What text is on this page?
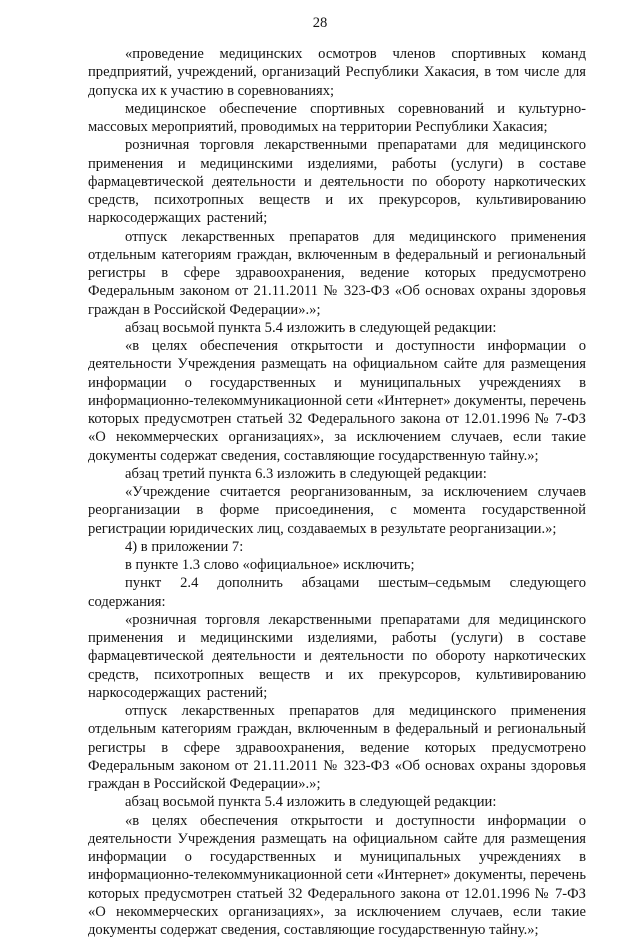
28

«проведение медицинских осмотров членов спортивных команд предприятий, учреждений, организаций Республики Хакасия, в том числе для допуска их к участию в соревнованиях;

медицинское обеспечение спортивных соревнований и культурно-массовых мероприятий, проводимых на территории Республики Хакасия;

розничная торговля лекарственными препаратами для медицинского применения и медицинскими изделиями, работы (услуги) в составе фармацевтической деятельности и деятельности по обороту наркотических средств, психотропных веществ и их прекурсоров, культивированию наркосодержащих растений;

отпуск лекарственных препаратов для медицинского применения отдельным категориям граждан, включенным в федеральный и региональный регистры в сфере здравоохранения, ведение которых предусмотрено Федеральным законом от 21.11.2011 № 323-ФЗ «Об основах охраны здоровья граждан в Российской Федерации».»;

абзац восьмой пункта 5.4 изложить в следующей редакции:

«в целях обеспечения открытости и доступности информации о деятельности Учреждения размещать на официальном сайте для размещения информации о государственных и муниципальных учреждениях в информационно-телекоммуникационной сети «Интернет» документы, перечень которых предусмотрен статьей 32 Федерального закона от 12.01.1996 № 7-ФЗ «О некоммерческих организациях», за исключением случаев, если такие документы содержат сведения, составляющие государственную тайну.»;

абзац третий пункта 6.3 изложить в следующей редакции:

«Учреждение считается реорганизованным, за исключением случаев реорганизации в форме присоединения, с момента государственной регистрации юридических лиц, создаваемых в результате реорганизации.»;

4) в приложении 7:

в пункте 1.3 слово «официальное» исключить;

пункт 2.4 дополнить абзацами шестым–седьмым следующего содержания:

«розничная торговля лекарственными препаратами для медицинского применения и медицинскими изделиями, работы (услуги) в составе фармацевтической деятельности и деятельности по обороту наркотических средств, психотропных веществ и их прекурсоров, культивированию наркосодержащих растений;

отпуск лекарственных препаратов для медицинского применения отдельным категориям граждан, включенным в федеральный и региональный регистры в сфере здравоохранения, ведение которых предусмотрено Федеральным законом от 21.11.2011 № 323-ФЗ «Об основах охраны здоровья граждан в Российской Федерации».»;

абзац восьмой пункта 5.4 изложить в следующей редакции:

«в целях обеспечения открытости и доступности информации о деятельности Учреждения размещать на официальном сайте для размещения информации о государственных и муниципальных учреждениях в информационно-телекоммуникационной сети «Интернет» документы, перечень которых предусмотрен статьей 32 Федерального закона от 12.01.1996 № 7-ФЗ «О некоммерческих организациях», за исключением случаев, если такие документы содержат сведения, составляющие государственную тайну.»;
